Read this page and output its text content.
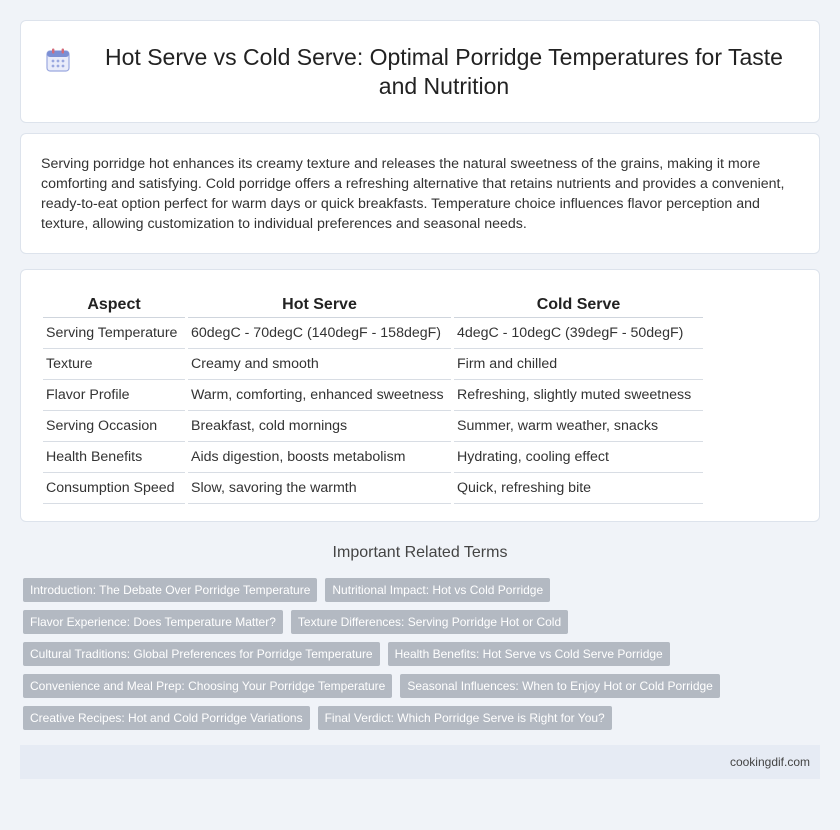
Hot Serve vs Cold Serve: Optimal Porridge Temperatures for Taste and Nutrition

Serving porridge hot enhances its creamy texture and releases the natural sweetness of the grains, making it more comforting and satisfying. Cold porridge offers a refreshing alternative that retains nutrients and provides a convenient, ready-to-eat option perfect for warm days or quick breakfasts. Temperature choice influences flavor perception and texture, allowing customization to individual preferences and seasonal needs.

Aspect	Hot Serve	Cold Serve
Serving Temperature	60degC - 70degC (140degF - 158degF)	4degC - 10degC (39degF - 50degF)
Texture	Creamy and smooth	Firm and chilled
Flavor Profile	Warm, comforting, enhanced sweetness	Refreshing, slightly muted sweetness
Serving Occasion	Breakfast, cold mornings	Summer, warm weather, snacks
Health Benefits	Aids digestion, boosts metabolism	Hydrating, cooling effect
Consumption Speed	Slow, savoring the warmth	Quick, refreshing bite
Important Related Terms
Introduction: The Debate Over Porridge Temperature	Nutritional Impact: Hot vs Cold Porridge
Flavor Experience: Does Temperature Matter?	Texture Differences: Serving Porridge Hot or Cold
Cultural Traditions: Global Preferences for Porridge Temperature	Health Benefits: Hot Serve vs Cold Serve Porridge
Convenience and Meal Prep: Choosing Your Porridge Temperature	Seasonal Influences: When to Enjoy Hot or Cold Porridge
Creative Recipes: Hot and Cold Porridge Variations	Final Verdict: Which Porridge Serve is Right for You?
cookingdif.com
